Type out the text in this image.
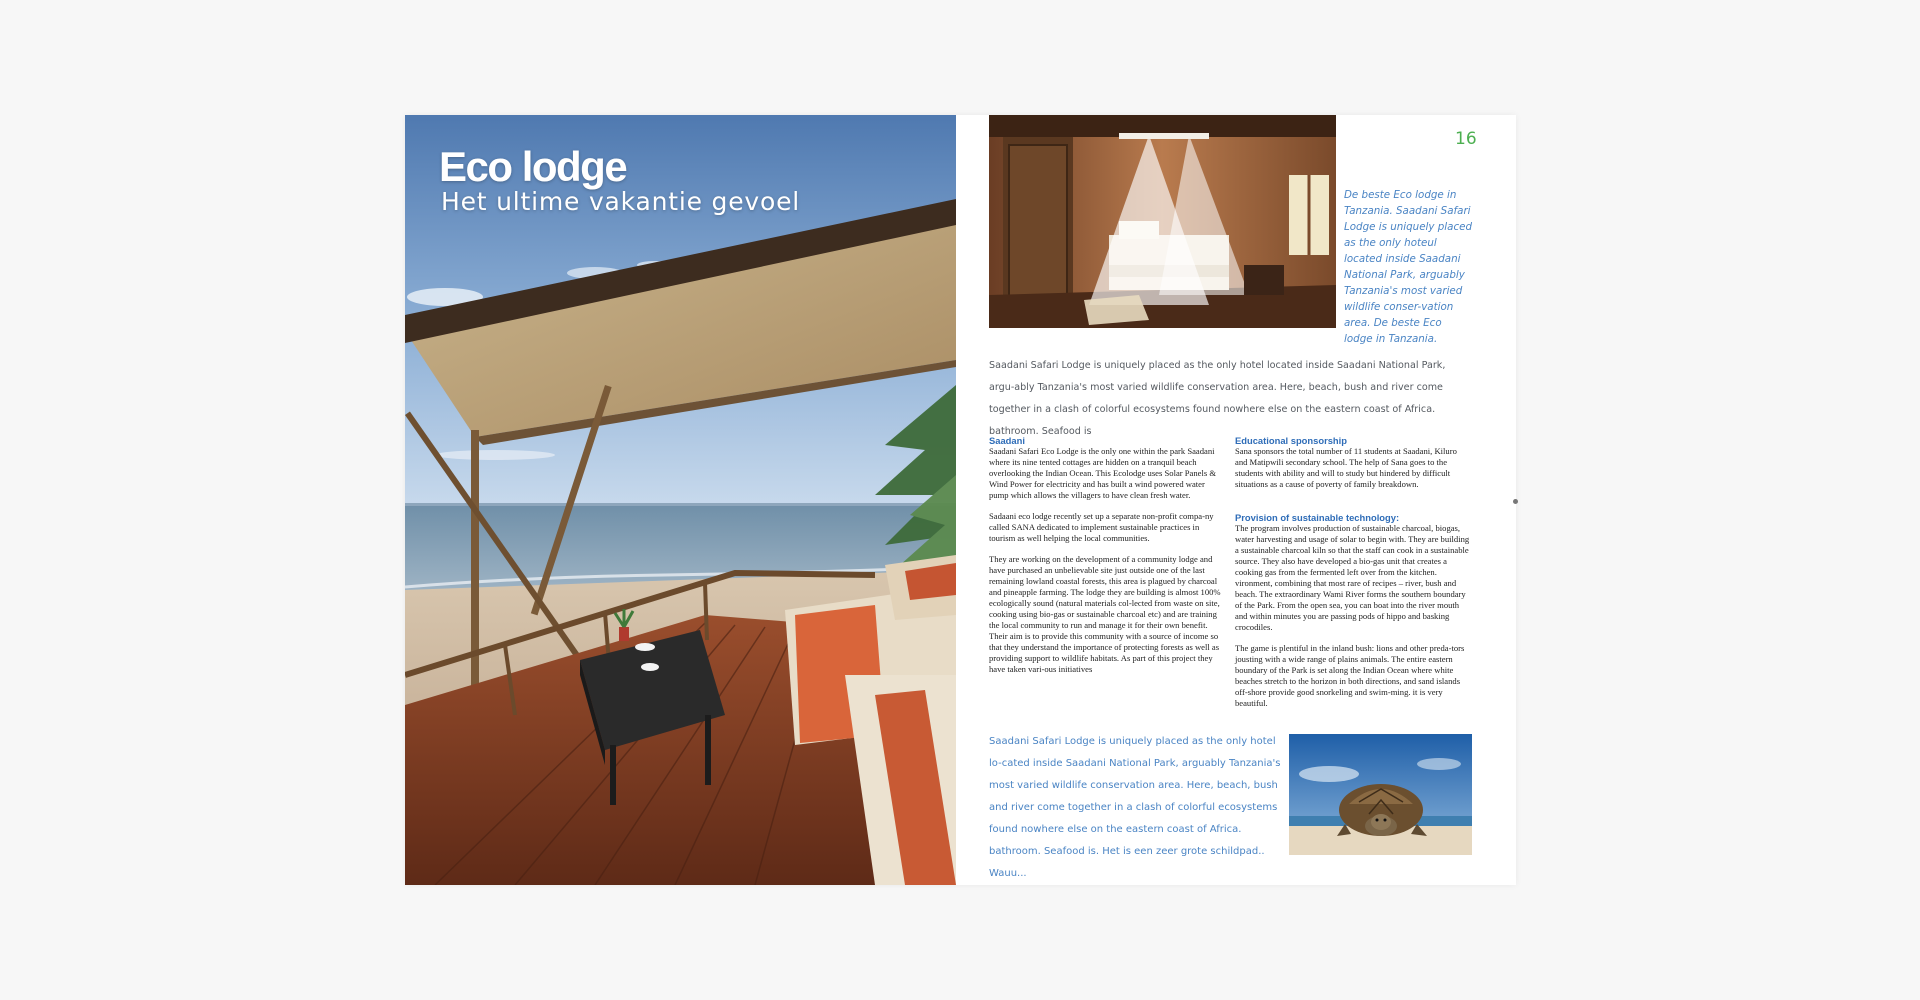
Eco lodge
Het ultime vakantie gevoel
16
De beste Eco lodge in Tanzania. Saadani Safari Lodge is uniquely placed as the only hoteul located inside Saadani National Park, arguably Tanzania's most varied wildlife conser-vation area. De beste Eco lodge in Tanzania.
Saadani Safari Lodge is uniquely placed as the only hotel located inside Saadani National Park, argu-ably Tanzania's most varied wildlife conservation area. Here, beach, bush and river come together in a clash of colorful ecosystems found nowhere else on the eastern coast of Africa. bathroom. Seafood is
Saadani

Saadani Safari Eco Lodge is the only one within the park Saadani where its nine tented cottages are hidden on a tranquil beach overlooking the Indian Ocean. This Ecolodge uses Solar Panels & Wind Power for electricity and has built a wind powered water pump which allows the villagers to have clean fresh water.

Sadaani eco lodge recently set up a separate non-profit compa-ny called SANA dedicated to implement sustainable practices in tourism as well helping the local communities.

They are working on the development of a community lodge and have purchased an unbelievable site just outside one of the last remaining lowland coastal forests, this area is plagued by charcoal and pineapple farming. The lodge they are building is almost 100% ecologically sound (natural materials col-lected from waste on site, cooking using bio-gas or sustainable charcoal etc) and are training the local community to run and manage it for their own benefit. Their aim is to provide this community with a source of income so that they understand the importance of protecting forests as well as providing support to wildlife habitats. As part of this project they have taken vari-ous initiatives

Educational sponsorship

Sana sponsors the total number of 11 students at Saadani, Kiluro and Matipwili secondary school. The help of Sana goes to the students with ability and will to study but hindered by difficult situations as a cause of poverty of family breakdown.

Provision of sustainable technology:

The program involves production of sustainable charcoal, biogas, water harvesting and usage of solar to begin with. They are building a sustainable charcoal kiln so that the staff can cook in a sustainable source. They also have developed a bio-gas unit that creates a cooking gas from the fermented left over from the kitchen. vironment, combining that most rare of recipes – river, bush and beach. The extraordinary Wami River forms the southern boundary of the Park. From the open sea, you can boat into the river mouth and within minutes you are passing pods of hippo and basking crocodiles.

The game is plentiful in the inland bush: lions and other preda-tors jousting with a wide range of plains animals. The entire eastern boundary of the Park is set along the Indian Ocean where white beaches stretch to the horizon in both directions, and sand islands off-shore provide good snorkeling and swim-ming. it is very beautiful.

Saadani Safari Lodge is uniquely placed as the only hotel lo-cated inside Saadani National Park, arguably Tanzania's most varied wildlife conservation area. Here, beach, bush and river come together in a clash of colorful ecosystems found nowhere else on the eastern coast of Africa. bathroom. Seafood is. Het is een zeer grote schildpad.. Wauu...
